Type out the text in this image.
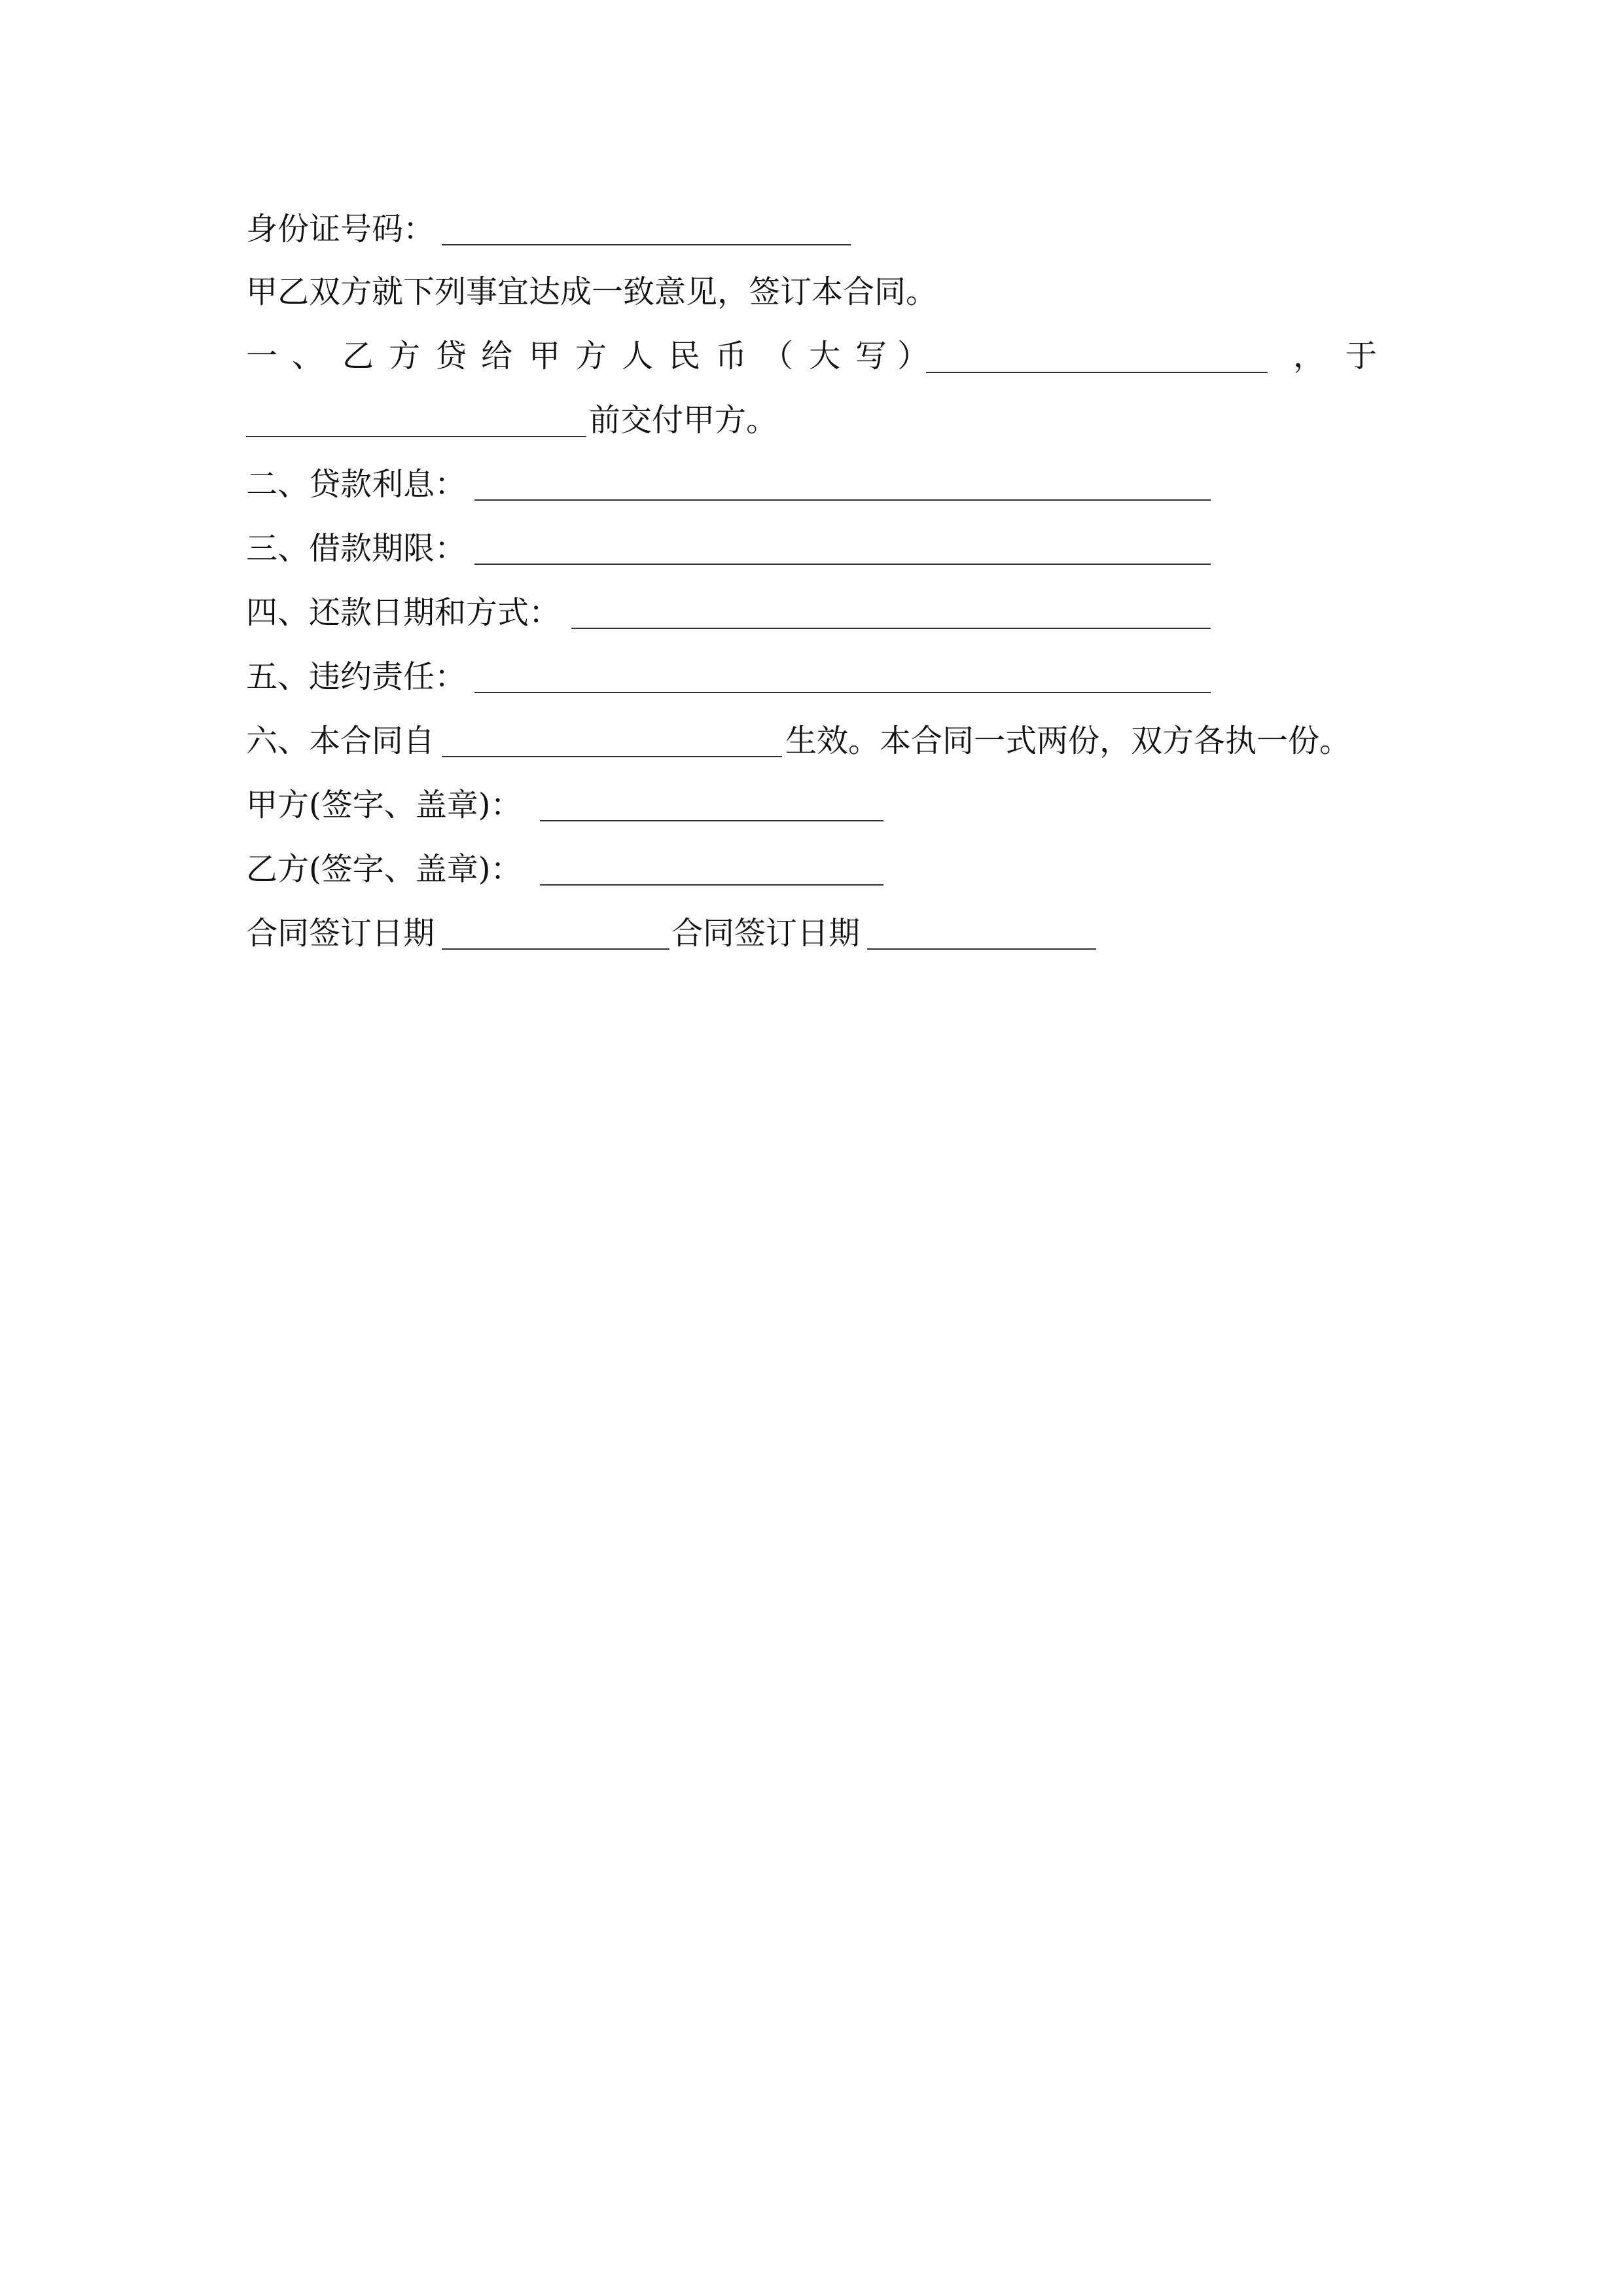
身份证号码：
甲乙双方就下列事宜达成一致意见，签订本合同。
一 、 乙 方 贷 给 甲 方 人 民 币 （ 大 写 ）	， 于
前交付甲方。
二、贷款利息：
三、借款期限：
四、还款日期和方式：
五、违约责任：
六、本合同自	生效。本合同一式两份，双方各执一份。
甲方(签字、盖章)：
乙方(签字、盖章)：
合同签订日期	合同签订日期
